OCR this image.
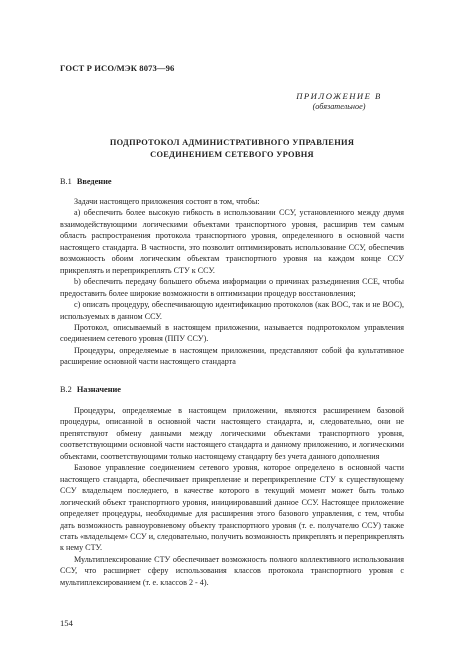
ГОСТ Р ИСО/МЭК 8073—96
ПРИЛОЖЕНИЕ В
(обязательное)
ПОДПРОТОКОЛ АДМИНИСТРАТИВНОГО УПРАВЛЕНИЯ
СОЕДИНЕНИЕМ СЕТЕВОГО УРОВНЯ
В.1 Введение

Задачи настоящего приложения состоят в том, чтобы:

а) обеспечить более высокую гибкость в использовании ССУ, установленного между двумя взаимодействующими логическими объектами транспортного уровня, расширив тем самым область распространения протокола транспортного уровня, определенного в основной части настоящего стандарта. В частности, это позволит оптимизировать использование ССУ, обеспечив возможность обоим логическим объектам транспортного уровня на каждом конце ССУ прикреплять и переприкреплять СТУ к ССУ.

b) обеспечить передачу большего объема информации о причинах разъединения ССЕ, чтобы предоставить более широкие возможности в оптимизации процедур восстановления;

с) описать процедуру, обеспечивающую идентификацию протоколов (как ВОС, так и не ВОС), используемых в данном ССУ.

Протокол, описываемый в настоящем приложении, называется подпротоколом управления соединением сетевого уровня (ППУ ССУ).

Процедуры, определяемые в настоящем приложении, представляют собой фа культативное расширение основной части настоящего стандарта

В.2 Назначение

Процедуры, определяемые в настоящем приложении, являются расширением базовой процедуры, описанной в основной части настоящего стандарта, и, следовательно, они не препятствуют обмену данными между логическими объектами транспортного уровня, соответствующими основной части настоящего стандарта и данному приложению, и логическими объектами, соответствующими только настоящему стандарту без учета данного дополнения

Базовое управление соединением сетевого уровня, которое определено в основной части настоящего стандарта, обеспечивает прикрепление и переприкрепление СТУ к существующему ССУ владельцем последнего, в качестве которого в текущий момент может быть только логический объект транспортного уровня, инициировавший данное ССУ. Настоящее приложение определяет процедуры, необходимые для расширения этого базового управления, с тем, чтобы дать возможность равноуровневому объекту транспортного уровня (т. е. получателю ССУ) также стать «владельцем» ССУ и, следовательно, получить возможность прикреплять и переприкреплять к нему СТУ.

Мультиплексирование СТУ обеспечивает возможность полного коллективного использования ССУ, что расширяет сферу использования классов протокола транспортного уровня с мультиплексированием (т. е. классов 2 - 4).

154
